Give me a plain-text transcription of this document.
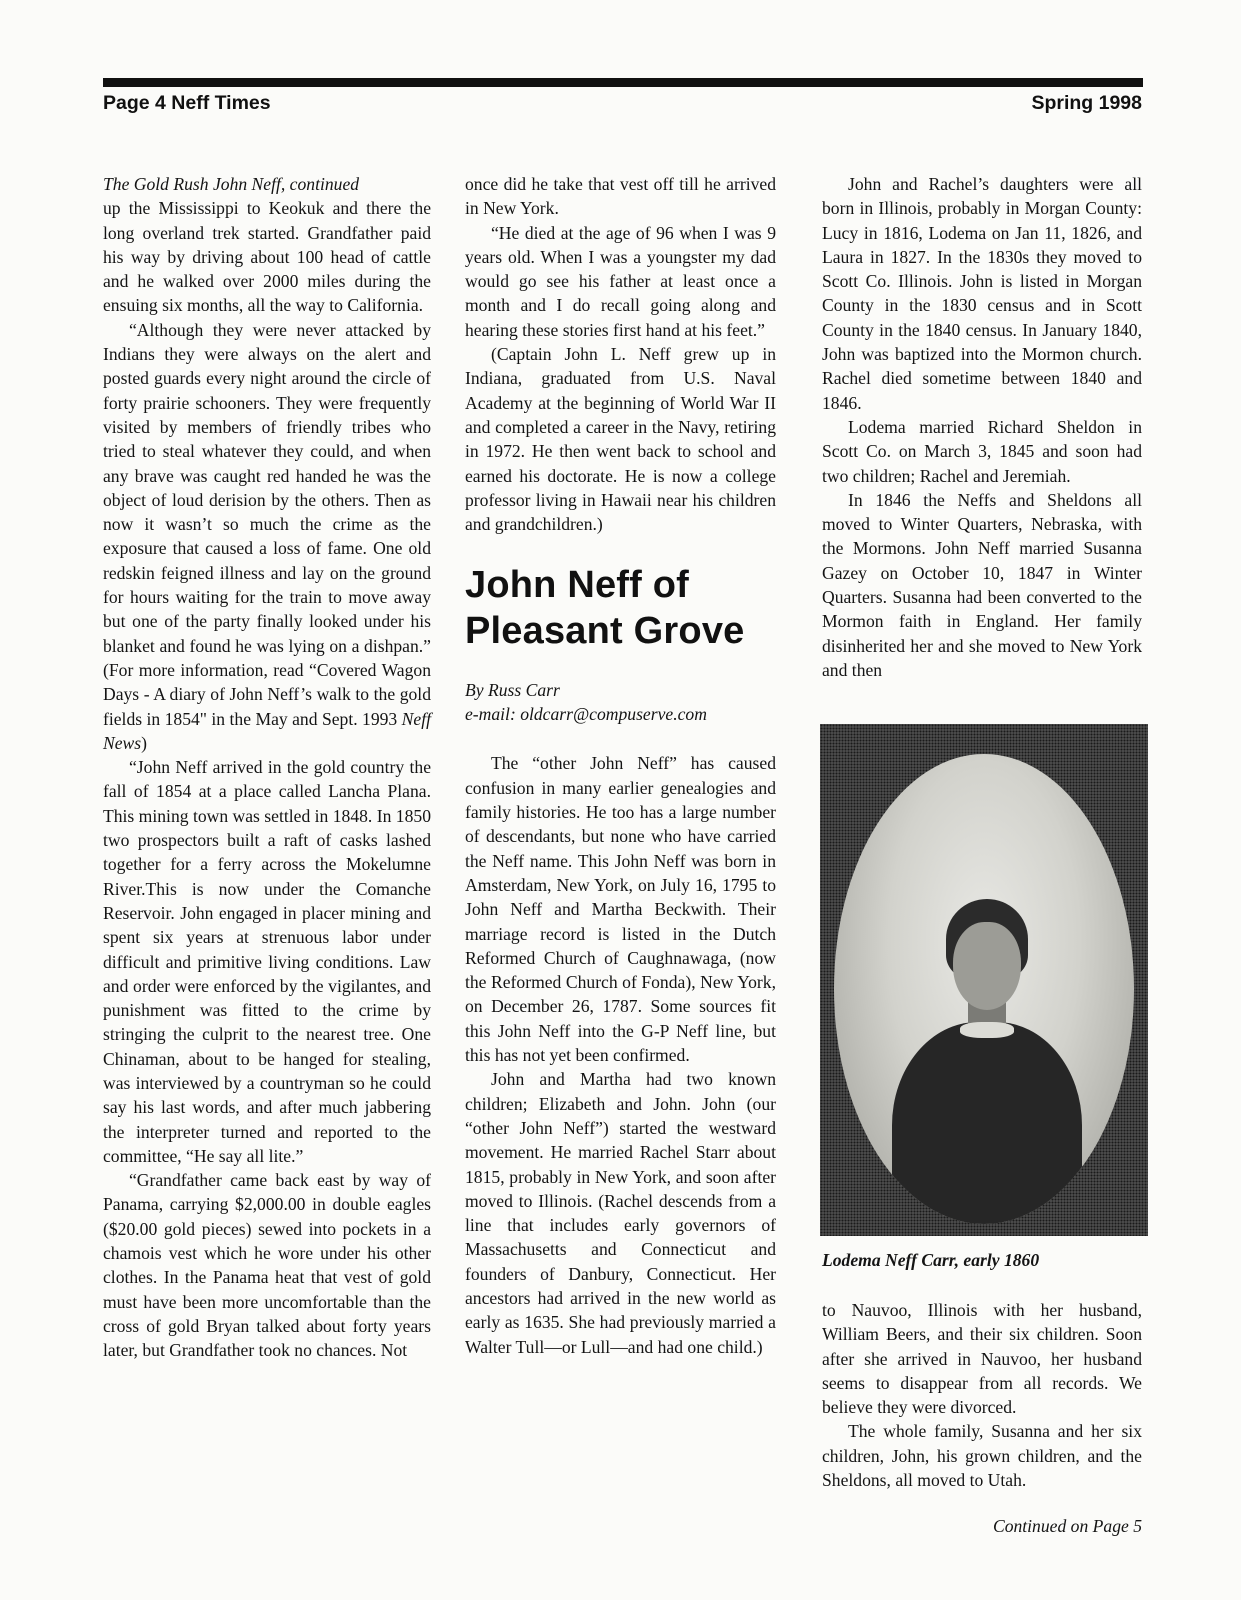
Page 4 Neff Times	Spring 1998

The Gold Rush John Neff, continued

up the Mississippi to Keokuk and there the long overland trek started. Grandfather paid his way by driving about 100 head of cattle and he walked over 2000 miles during the ensuing six months, all the way to California.

“Although they were never attacked by Indians they were always on the alert and posted guards every night around the circle of forty prairie schooners. They were frequently visited by members of friendly tribes who tried to steal whatever they could, and when any brave was caught red handed he was the object of loud derision by the others. Then as now it wasn’t so much the crime as the exposure that caused a loss of fame. One old redskin feigned illness and lay on the ground for hours waiting for the train to move away but one of the party finally looked under his blanket and found he was lying on a dishpan.” (For more information, read “Covered Wagon Days - A diary of John Neff’s walk to the gold fields in 1854" in the May and Sept. 1993 Neff News)

“John Neff arrived in the gold country the fall of 1854 at a place called Lancha Plana. This mining town was settled in 1848. In 1850 two prospectors built a raft of casks lashed together for a ferry across the Mokelumne River.This is now under the Comanche Reservoir. John engaged in placer mining and spent six years at strenuous labor under difficult and primitive living conditions. Law and order were enforced by the vigilantes, and punishment was fitted to the crime by stringing the culprit to the nearest tree. One Chinaman, about to be hanged for stealing, was interviewed by a countryman so he could say his last words, and after much jabbering the interpreter turned and reported to the committee, “He say all lite.”

“Grandfather came back east by way of Panama, carrying $2,000.00 in double eagles ($20.00 gold pieces) sewed into pockets in a chamois vest which he wore under his other clothes. In the Panama heat that vest of gold must have been more uncomfortable than the cross of gold Bryan talked about forty years later, but Grandfather took no chances. Not

once did he take that vest off till he arrived in New York.

“He died at the age of 96 when I was 9 years old. When I was a youngster my dad would go see his father at least once a month and I do recall going along and hearing these stories first hand at his feet.”

(Captain John L. Neff grew up in Indiana, graduated from U.S. Naval Academy at the beginning of World War II and completed a career in the Navy, retiring in 1972. He then went back to school and earned his doctorate. He is now a college professor living in Hawaii near his children and grandchildren.)

John Neff of Pleasant Grove
By Russ Carr
e-mail: oldcarr@compuserve.com

The “other John Neff” has caused confusion in many earlier genealogies and family histories. He too has a large number of descendants, but none who have carried the Neff name. This John Neff was born in Amsterdam, New York, on July 16, 1795 to John Neff and Martha Beckwith. Their marriage record is listed in the Dutch Reformed Church of Caughnawaga, (now the Reformed Church of Fonda), New York, on December 26, 1787. Some sources fit this John Neff into the G-P Neff line, but this has not yet been confirmed.

John and Martha had two known children; Elizabeth and John. John (our “other John Neff”) started the westward movement. He married Rachel Starr about 1815, probably in New York, and soon after moved to Illinois. (Rachel descends from a line that includes early governors of Massachusetts and Connecticut and founders of Danbury, Connecticut. Her ancestors had arrived in the new world as early as 1635. She had previously married a Walter Tull—or Lull—and had one child.)

John and Rachel’s daughters were all born in Illinois, probably in Morgan County: Lucy in 1816, Lodema on Jan 11, 1826, and Laura in 1827. In the 1830s they moved to Scott Co. Illinois. John is listed in Morgan County in the 1830 census and in Scott County in the 1840 census. In January 1840, John was baptized into the Mormon church. Rachel died sometime between 1840 and 1846.

Lodema married Richard Sheldon in Scott Co. on March 3, 1845 and soon had two children; Rachel and Jeremiah.

In 1846 the Neffs and Sheldons all moved to Winter Quarters, Nebraska, with the Mormons. John Neff married Susanna Gazey on October 10, 1847 in Winter Quarters. Susanna had been converted to the Mormon faith in England. Her family disinherited her and she moved to New York and then

Lodema Neff Carr, early 1860

to Nauvoo, Illinois with her husband, William Beers, and their six children. Soon after she arrived in Nauvoo, her husband seems to disappear from all records. We believe they were divorced.

The whole family, Susanna and her six children, John, his grown children, and the Sheldons, all moved to Utah.

Continued on Page 5
